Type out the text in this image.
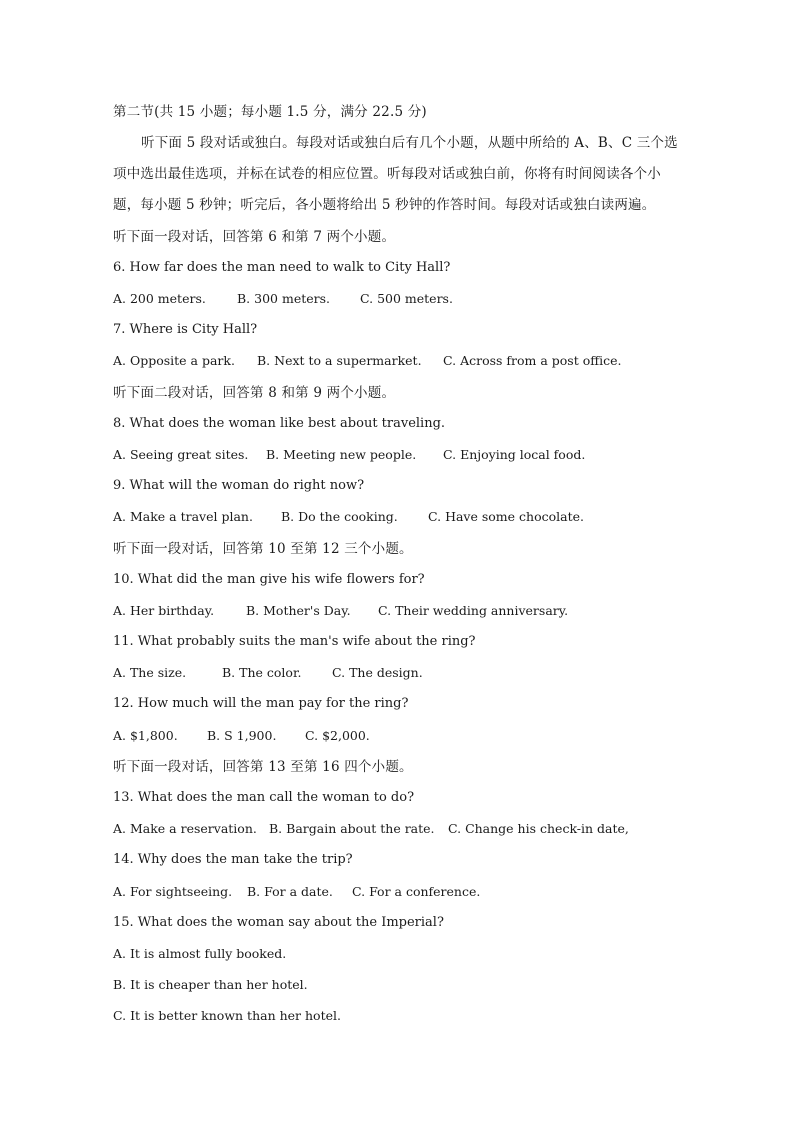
第二节(共 15 小题；每小题 1.5 分，满分 22.5 分)
听下面 5 段对话或独白。每段对话或独白后有几个小题，从题中所给的 A、B、C 三个选
项中选出最佳选项，并标在试卷的相应位置。听每段对话或独白前，你将有时间阅读各个小
题，每小题 5 秒钟；听完后，各小题将给出 5 秒钟的作答时间。每段对话或独白读两遍。
听下面一段对话，回答第 6 和第 7 两个小题。
6. How far does the man need to walk to City Hall?
A. 200 meters. B. 300 meters. C. 500 meters.
7. Where is City Hall?
A. Opposite a park. B. Next to a supermarket. C. Across from a post office.
听下面二段对话，回答第 8 和第 9 两个小题。
8. What does the woman like best about traveling.
A. Seeing great sites. B. Meeting new people. C. Enjoying local food.
9. What will the woman do right now?
A. Make a travel plan. B. Do the cooking. C. Have some chocolate.
听下面一段对话，回答第 10 至第 12 三个小题。
10. What did the man give his wife flowers for?
A. Her birthday.	B. Mother's Day. C. Their wedding anniversary.
11. What probably suits the man's wife about the ring?
A. The size.	B. The color. C. The design.
12. How much will the man pay for the ring?
A. $1,800. B. S 1,900. C. $2,000.
听下面一段对话，回答第 13 至第 16 四个小题。
13. What does the man call the woman to do?
A. Make a reservation. B. Bargain about the rate. C. Change his check-in date,
14. Why does the man take the trip?
A. For sightseeing. B. For a date. C. For a conference.
15. What does the woman say about the Imperial?
A. It is almost fully booked.
B. It is cheaper than her hotel.
C. It is better known than her hotel.
